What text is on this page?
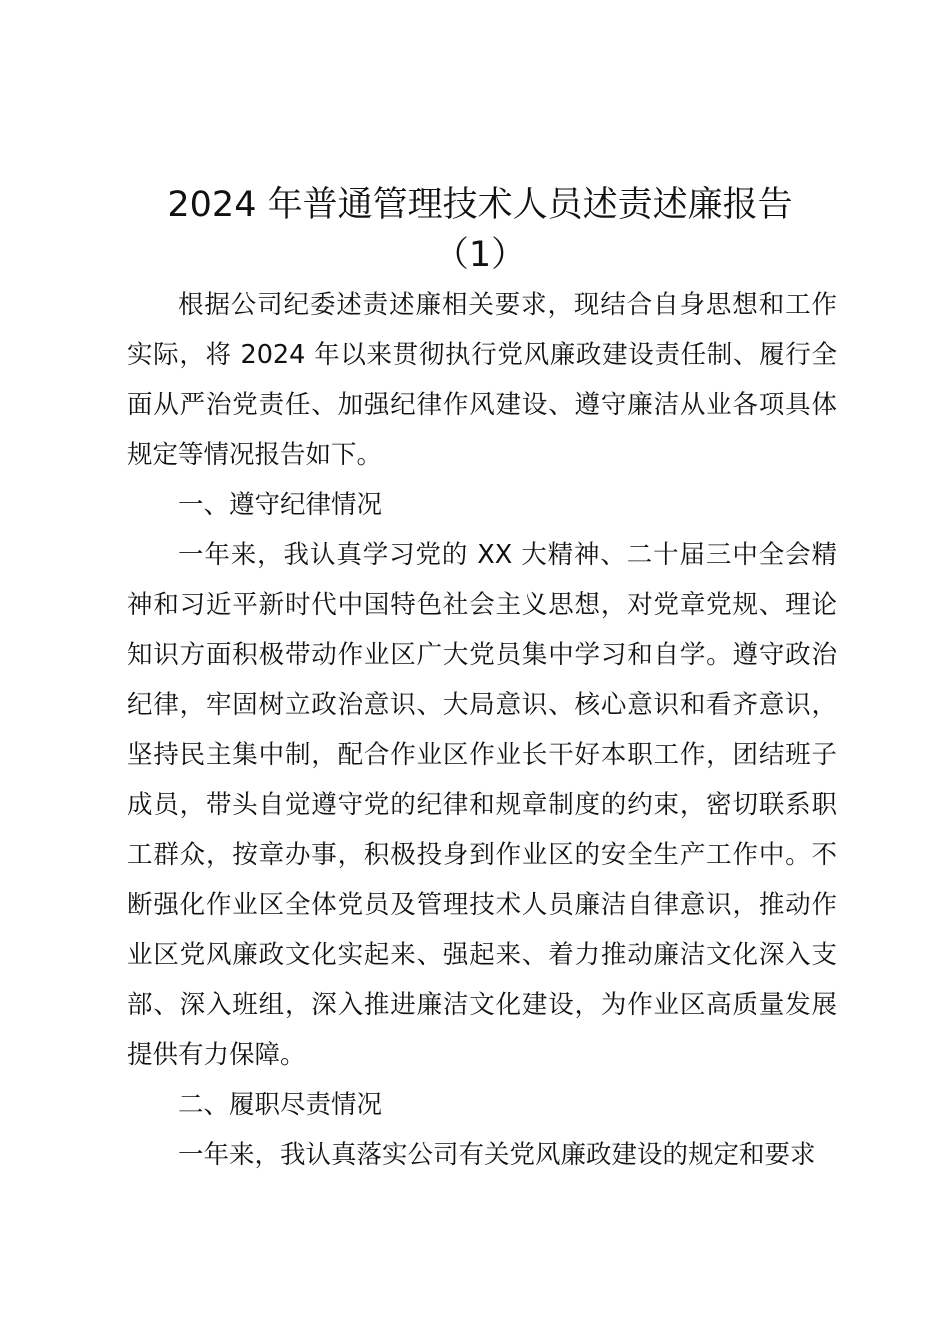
2024 年普通管理技术人员述责述廉报告
（1）

根据公司纪委述责述廉相关要求，现结合自身思想和工作实际，将 2024 年以来贯彻执行党风廉政建设责任制、履行全面从严治党责任、加强纪律作风建设、遵守廉洁从业各项具体规定等情况报告如下。

一、遵守纪律情况

一年来，我认真学习党的 XX 大精神、二十届三中全会精神和习近平新时代中国特色社会主义思想，对党章党规、理论知识方面积极带动作业区广大党员集中学习和自学。遵守政治纪律，牢固树立政治意识、大局意识、核心意识和看齐意识，坚持民主集中制，配合作业区作业长干好本职工作，团结班子成员，带头自觉遵守党的纪律和规章制度的约束，密切联系职工群众，按章办事，积极投身到作业区的安全生产工作中。不断强化作业区全体党员及管理技术人员廉洁自律意识，推动作业区党风廉政文化实起来、强起来、着力推动廉洁文化深入支部、深入班组，深入推进廉洁文化建设，为作业区高质量发展提供有力保障。

二、履职尽责情况

一年来，我认真落实公司有关党风廉政建设的规定和要求
